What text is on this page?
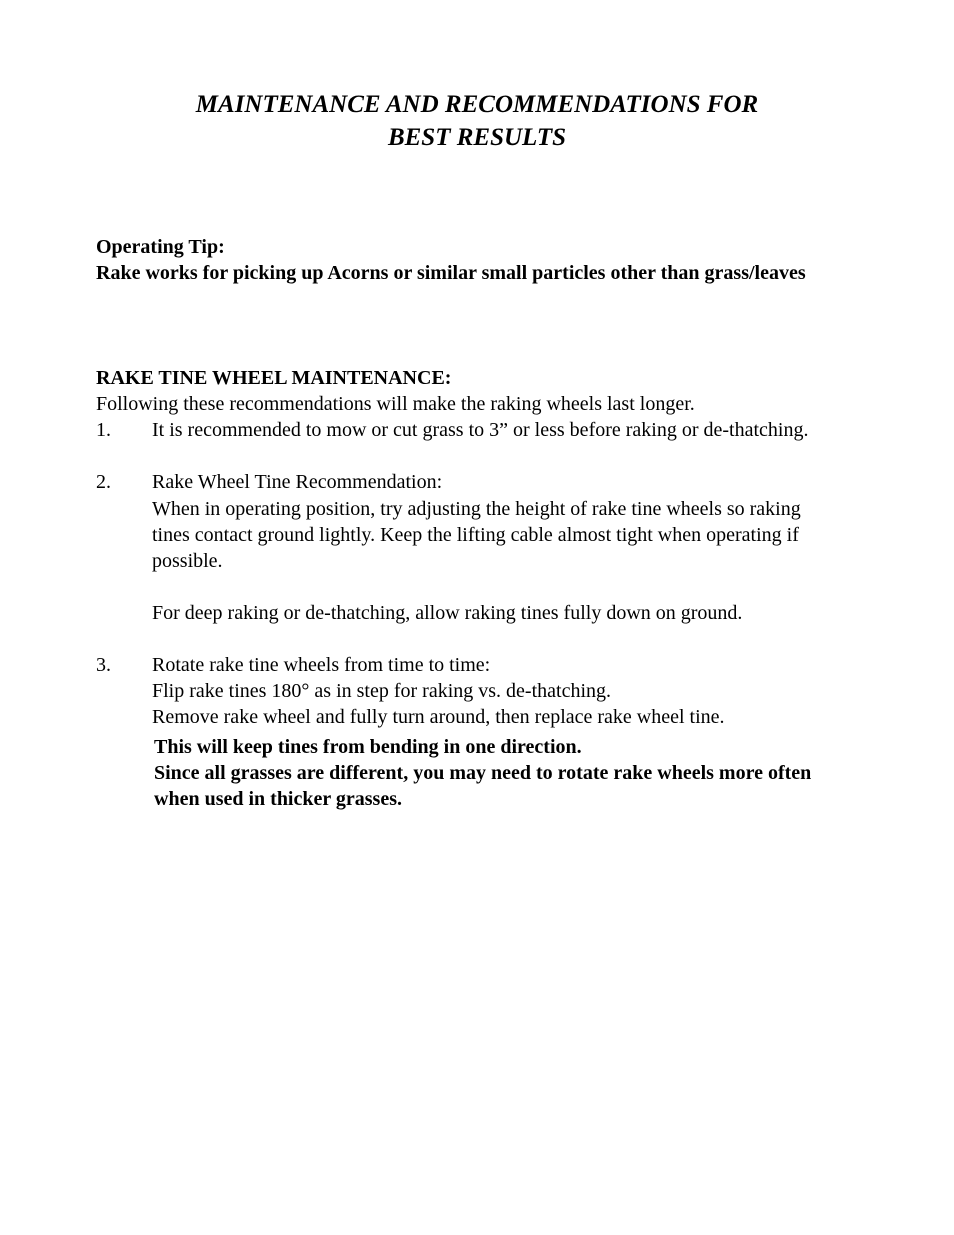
MAINTENANCE AND RECOMMENDATIONS FOR
BEST RESULTS
Operating Tip:
Rake works for picking up Acorns or similar small particles other than grass/leaves
RAKE TINE WHEEL MAINTENANCE:
Following these recommendations will make the raking wheels last longer.
1. It is recommended to mow or cut grass to 3” or less before raking or de-thatching.
2. Rake Wheel Tine Recommendation:
When in operating position, try adjusting the height of rake tine wheels so raking
tines contact ground lightly. Keep the lifting cable almost tight when operating if
possible.
For deep raking or de-thatching, allow raking tines fully down on ground.
3. Rotate rake tine wheels from time to time:
Flip rake tines 180° as in step for raking vs. de-thatching.
Remove rake wheel and fully turn around, then replace rake wheel tine.
This will keep tines from bending in one direction.
Since all grasses are different, you may need to rotate rake wheels more often
when used in thicker grasses.
